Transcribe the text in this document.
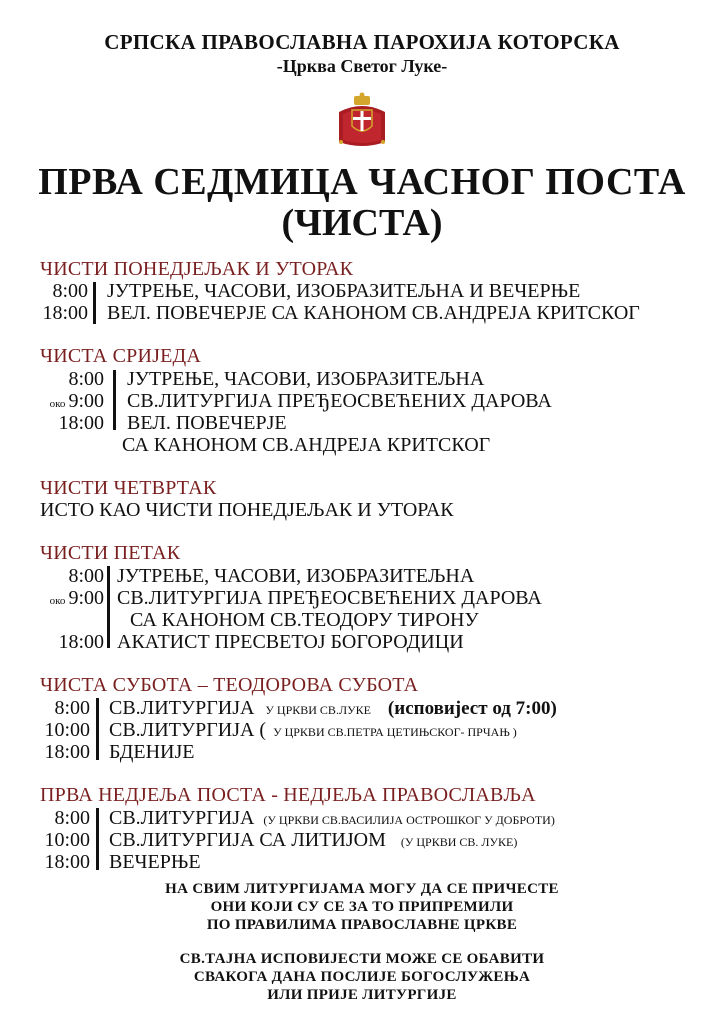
СРПСКА ПРАВОСЛАВНА ПАРОХИЈА КОТОРСКА
-Црква Светог Луке-
ПРВА СЕДМИЦА ЧАСНОГ ПОСТА
(ЧИСТА)
ЧИСТИ ПОНЕДЈЕЉАК И УТОРАК
8:00 ЈУТРЕЊЕ, ЧАСОВИ, ИЗОБРАЗИТЕЉНА И ВЕЧЕРЊЕ
18:00 ВЕЛ. ПОВЕЧЕРЈЕ СА КАНОНОМ СВ.АНДРЕЈА КРИТСКОГ
ЧИСТА СРИЈЕДА
8:00 ЈУТРЕЊЕ, ЧАСОВИ, ИЗОБРАЗИТЕЉНА
око 9:00 СВ.ЛИТУРГИЈА ПРЕЂЕОСВЕЋЕНИХ ДАРОВА
18:00 ВЕЛ. ПОВЕЧЕРЈЕ
СА КАНОНОМ СВ.АНДРЕЈА КРИТСКОГ
ЧИСТИ ЧЕТВРТАК
ИСТО КАО ЧИСТИ ПОНЕДЈЕЉАК И УТОРАК
ЧИСТИ ПЕТАК
8:00 ЈУТРЕЊЕ, ЧАСОВИ, ИЗОБРАЗИТЕЉНА
око 9:00 СВ.ЛИТУРГИЈА ПРЕЂЕОСВЕЋЕНИХ ДАРОВА
СА КАНОНОМ СВ.ТЕОДОРУ ТИРОНУ
18:00 АКАТИСТ ПРЕСВЕТОЈ БОГОРОДИЦИ
ЧИСТА СУБОТА – ТЕОДОРОВА СУБОТА
8:00 СВ.ЛИТУРГИЈА У ЦРКВИ СВ.ЛУКЕ (исповијест од 7:00)
10:00 СВ.ЛИТУРГИЈА ( У ЦРКВИ СВ.ПЕТРА ЦЕТИЊСКОГ- ПРЧАЊ )
18:00 БДЕНИЈЕ
ПРВА НЕДЈЕЉА ПОСТА - НЕДЈЕЉА ПРАВОСЛАВЉА
8:00 СВ.ЛИТУРГИЈА (У ЦРКВИ СВ.ВАСИЛИЈА ОСТРОШКОГ У ДОБРОТИ)
10:00 СВ.ЛИТУРГИЈА СА ЛИТИЈОМ (У ЦРКВИ СВ. ЛУКЕ)
18:00 ВЕЧЕРЊЕ
НА СВИМ ЛИТУРГИЈАМА МОГУ ДА СЕ ПРИЧЕСТЕ
ОНИ КОЈИ СУ СЕ ЗА ТО ПРИПРЕМИЛИ
ПО ПРАВИЛИМА ПРАВОСЛАВНЕ ЦРКВЕ
СВ.ТАЈНА ИСПОВИЈЕСТИ МОЖЕ СЕ ОБАВИТИ
СВАКОГА ДАНА ПОСЛИЈЕ БОГОСЛУЖЕЊА
ИЛИ ПРИЈЕ ЛИТУРГИЈЕ
